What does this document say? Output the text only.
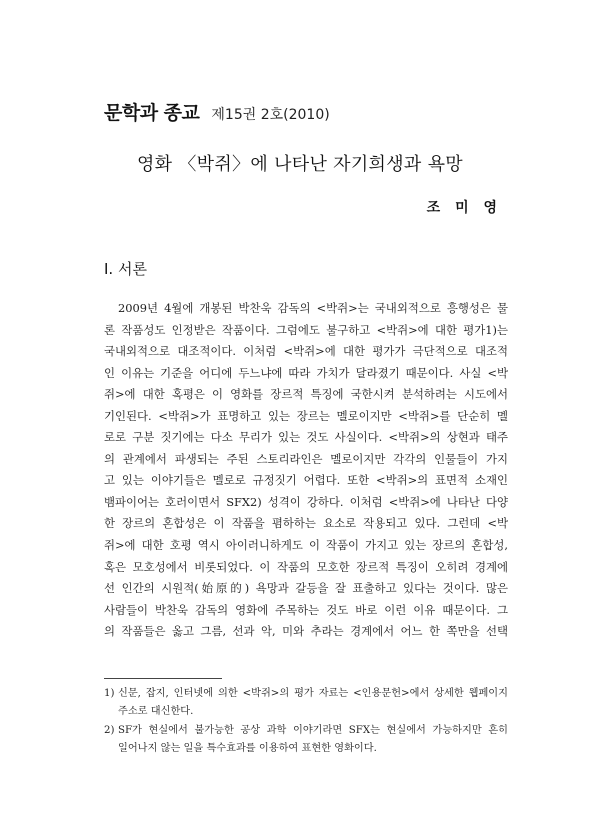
문학과 종교 제15권 2호(2010)
영화 〈박쥐〉에 나타난 자기희생과 욕망
조 미 영
Ⅰ. 서론
2009년 4월에 개봉된 박찬욱 감독의 <박쥐>는 국내외적으로 흥행성은 물
론 작품성도 인정받은 작품이다. 그럼에도 불구하고 <박쥐>에 대한 평가1)는
국내외적으로 대조적이다. 이처럼 <박쥐>에 대한 평가가 극단적으로 대조적
인 이유는 기준을 어디에 두느냐에 따라 가치가 달라졌기 때문이다. 사실 <박
쥐>에 대한 혹평은 이 영화를 장르적 특징에 국한시켜 분석하려는 시도에서
기인된다. <박쥐>가 표명하고 있는 장르는 멜로이지만 <박쥐>를 단순히 멜
로로 구분 짓기에는 다소 무리가 있는 것도 사실이다. <박쥐>의 상현과 태주
의 관계에서 파생되는 주된 스토리라인은 멜로이지만 각각의 인물들이 가지
고 있는 이야기들은 멜로로 규정짓기 어렵다. 또한 <박쥐>의 표면적 소재인
뱀파이어는 호러이면서 SFX2) 성격이 강하다. 이처럼 <박쥐>에 나타난 다양
한 장르의 혼합성은 이 작품을 폄하하는 요소로 작용되고 있다. 그런데 <박
쥐>에 대한 호평 역시 아이러니하게도 이 작품이 가지고 있는 장르의 혼합성,
혹은 모호성에서 비롯되었다. 이 작품의 모호한 장르적 특징이 오히려 경계에
선 인간의 시원적(始原的) 욕망과 갈등을 잘 표출하고 있다는 것이다. 많은
사람들이 박찬욱 감독의 영화에 주목하는 것도 바로 이런 이유 때문이다. 그
의 작품들은 옳고 그름, 선과 악, 미와 추라는 경계에서 어느 한 쪽만을 선택
1) 신문, 잡지, 인터넷에 의한 <박쥐>의 평가 자료는 <인용문헌>에서 상세한 웹페이지
주소로 대신한다.
2) SF가 현실에서 불가능한 공상 과학 이야기라면 SFX는 현실에서 가능하지만 흔히
일어나지 않는 일을 특수효과를 이용하여 표현한 영화이다.
